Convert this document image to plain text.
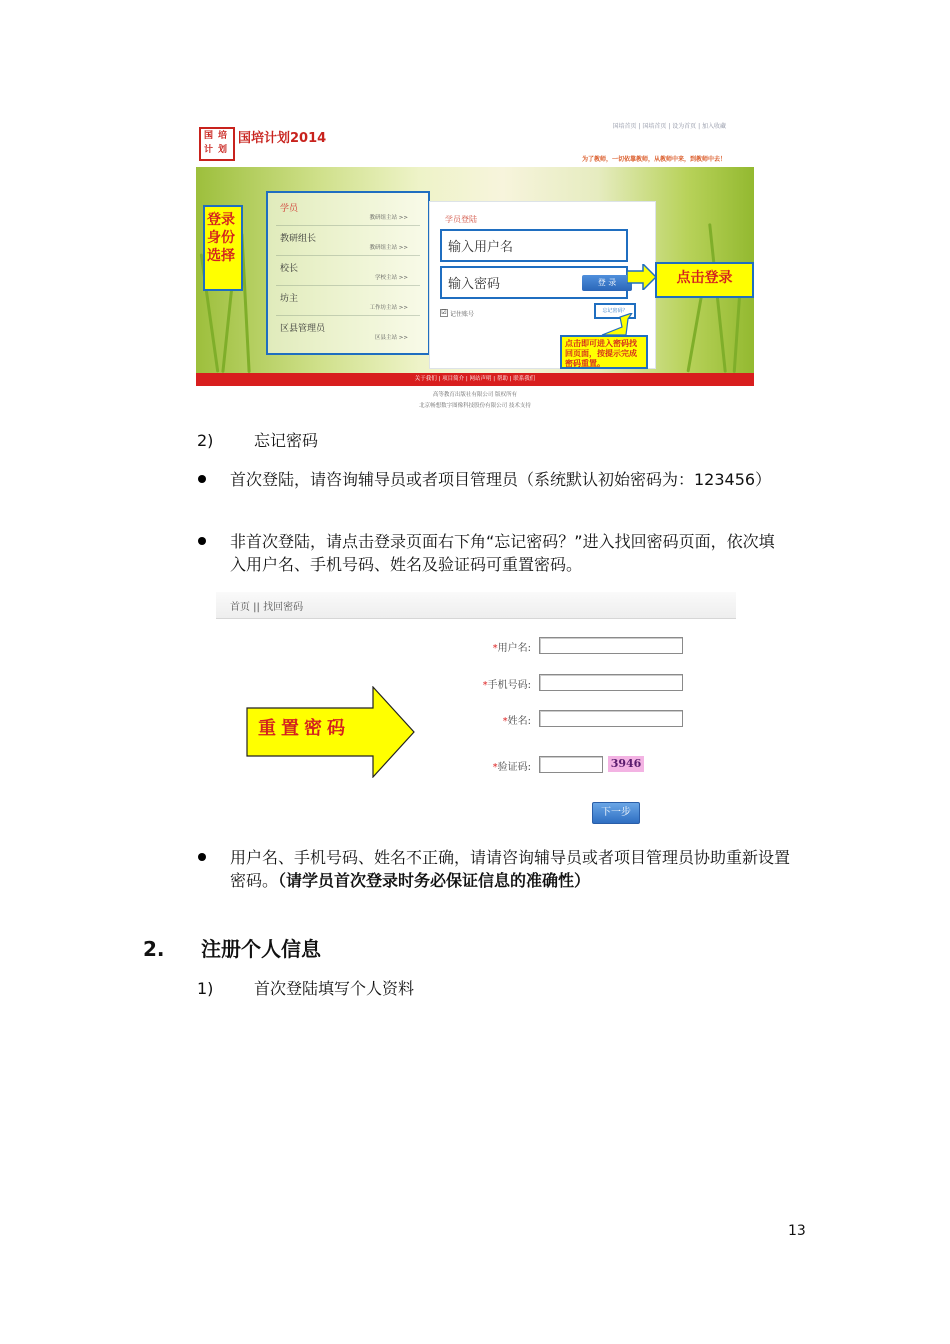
国 培
计 划
国培计划2014
国培首页 | 国培首页 | 设为首页 | 加入收藏
为了教师，一切依靠教师，从教师中来，到教师中去！
学员
教研组主站 >>
教研组长
教研组主站 >>
校长
学校主站 >>
坊主
工作坊主站 >>
区县管理员
区县主站 >>
学员登陆
输入用户名
输入密码	登 录
☑ 记住账号	忘记密码？
登录身份选择
点击登录
点击即可进入密码找回页面，按提示完成密码重置。
关于我们 | 项目简介 | 网站声明 | 帮助 | 联系我们
高等教育出版社有限公司 版权所有
北京畅想数字图像科技股份有限公司 技术支持
2)	忘记密码
首次登陆，请咨询辅导员或者项目管理员（系统默认初始密码为：123456）
非首次登陆，请点击登录页面右下角“忘记密码？”进入找回密码页面，依次填入用户名、手机号码、姓名及验证码可重置密码。
首页 || 找回密码
*用户名:
*手机号码:
*姓名:
*验证码:	3946
下一步
重置密码
用户名、手机号码、姓名不正确，请请咨询辅导员或者项目管理员协助重新设置密码。（请学员首次登录时务必保证信息的准确性）
2. 注册个人信息
1)	首次登陆填写个人资料
13
